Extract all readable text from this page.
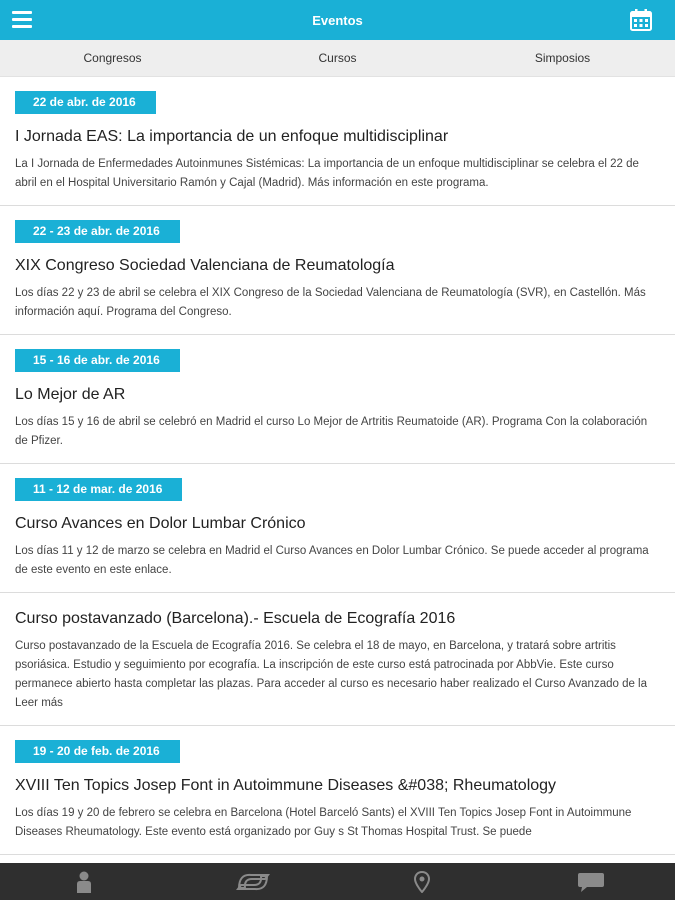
Eventos
Congresos	Cursos	Simposios
22 de abr. de 2016
I Jornada EAS: La importancia de un enfoque multidisciplinar
La I Jornada de Enfermedades Autoinmunes Sistémicas: La importancia de un enfoque multidisciplinar se celebra el 22 de abril en el Hospital Universitario Ramón y Cajal (Madrid). Más información en este programa.
22 - 23 de abr. de 2016
XIX Congreso Sociedad Valenciana de Reumatología
Los días 22 y 23 de abril se celebra el XIX Congreso de la Sociedad Valenciana de Reumatología (SVR), en Castellón. Más información aquí. Programa del Congreso.
15 - 16 de abr. de 2016
Lo Mejor de AR
Los días 15 y 16 de abril se celebró en Madrid el curso Lo Mejor de Artritis Reumatoide (AR). Programa Con la colaboración de Pfizer.
11 - 12 de mar. de 2016
Curso Avances en Dolor Lumbar Crónico
Los días 11 y 12 de marzo se celebra en Madrid el Curso Avances en Dolor Lumbar Crónico. Se puede acceder al programa de este evento en este enlace.
Curso postavanzado (Barcelona).- Escuela de Ecografía 2016
Curso postavanzado de la Escuela de Ecografía 2016. Se celebra el 18 de mayo, en Barcelona, y tratará sobre artritis psoriásica. Estudio y seguimiento por ecografía. La inscripción de este curso está patrocinada por AbbVie. Este curso permanece abierto hasta completar las plazas. Para acceder al curso es necesario haber realizado el Curso Avanzado de la Leer más
19 - 20 de feb. de 2016
XVIII Ten Topics Josep Font in Autoimmune Diseases &#038; Rheumatology
Los días 19 y 20 de febrero se celebra en Barcelona (Hotel Barceló Sants) el XVIII Ten Topics Josep Font in Autoimmune Diseases Rheumatology. Este evento está organizado por Guy s St Thomas Hospital Trust. Se puede
